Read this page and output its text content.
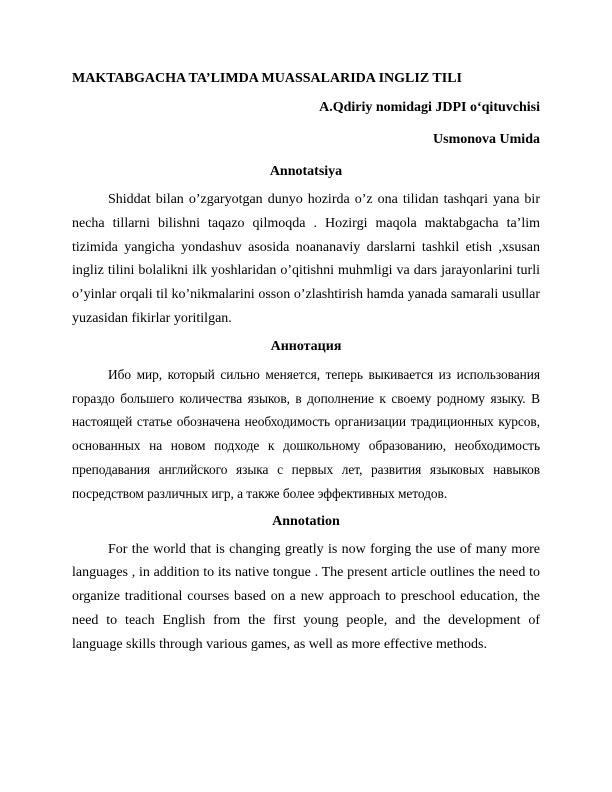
MAKTABGACHA TA’LIMDA MUASSALARIDA INGLIZ TILI

A.Qdiriy nomidagi JDPI o‘qituvchisi

Usmonova Umida

Annotatsiya

Shiddat bilan o’zgaryotgan dunyo hozirda o’z ona tilidan tashqari yana bir necha tillarni bilishni taqazo qilmoqda . Hozirgi maqola maktabgacha ta’lim tizimida yangicha yondashuv asosida noananaviy darslarni tashkil etish ,xsusan ingliz tilini bolalikni ilk yoshlaridan o’qitishni muhmligi va dars jarayonlarini turli o’yinlar orqali til ko’nikmalarini osson o’zlashtirish hamda yanada samarali usullar yuzasidan fikirlar yoritilgan.

Аннотация

Ибо мир, который сильно меняется, теперь выкивается из использования гораздо большего количества языков, в дополнение к своему родному языку. В настоящей статье обозначена необходимость организации традиционных курсов, основанных на новом подходе к дошкольному образованию, необходимость преподавания английского языка с первых лет, развития языковых навыков посредством различных игр, а также более эффективных методов.

Annotation

For the world that is changing greatly is now forging the use of many more languages , in addition to its native tongue . The present article outlines the need to organize traditional courses based on a new approach to preschool education, the need to teach English from the first young people, and the development of language skills through various games, as well as more effective methods.
